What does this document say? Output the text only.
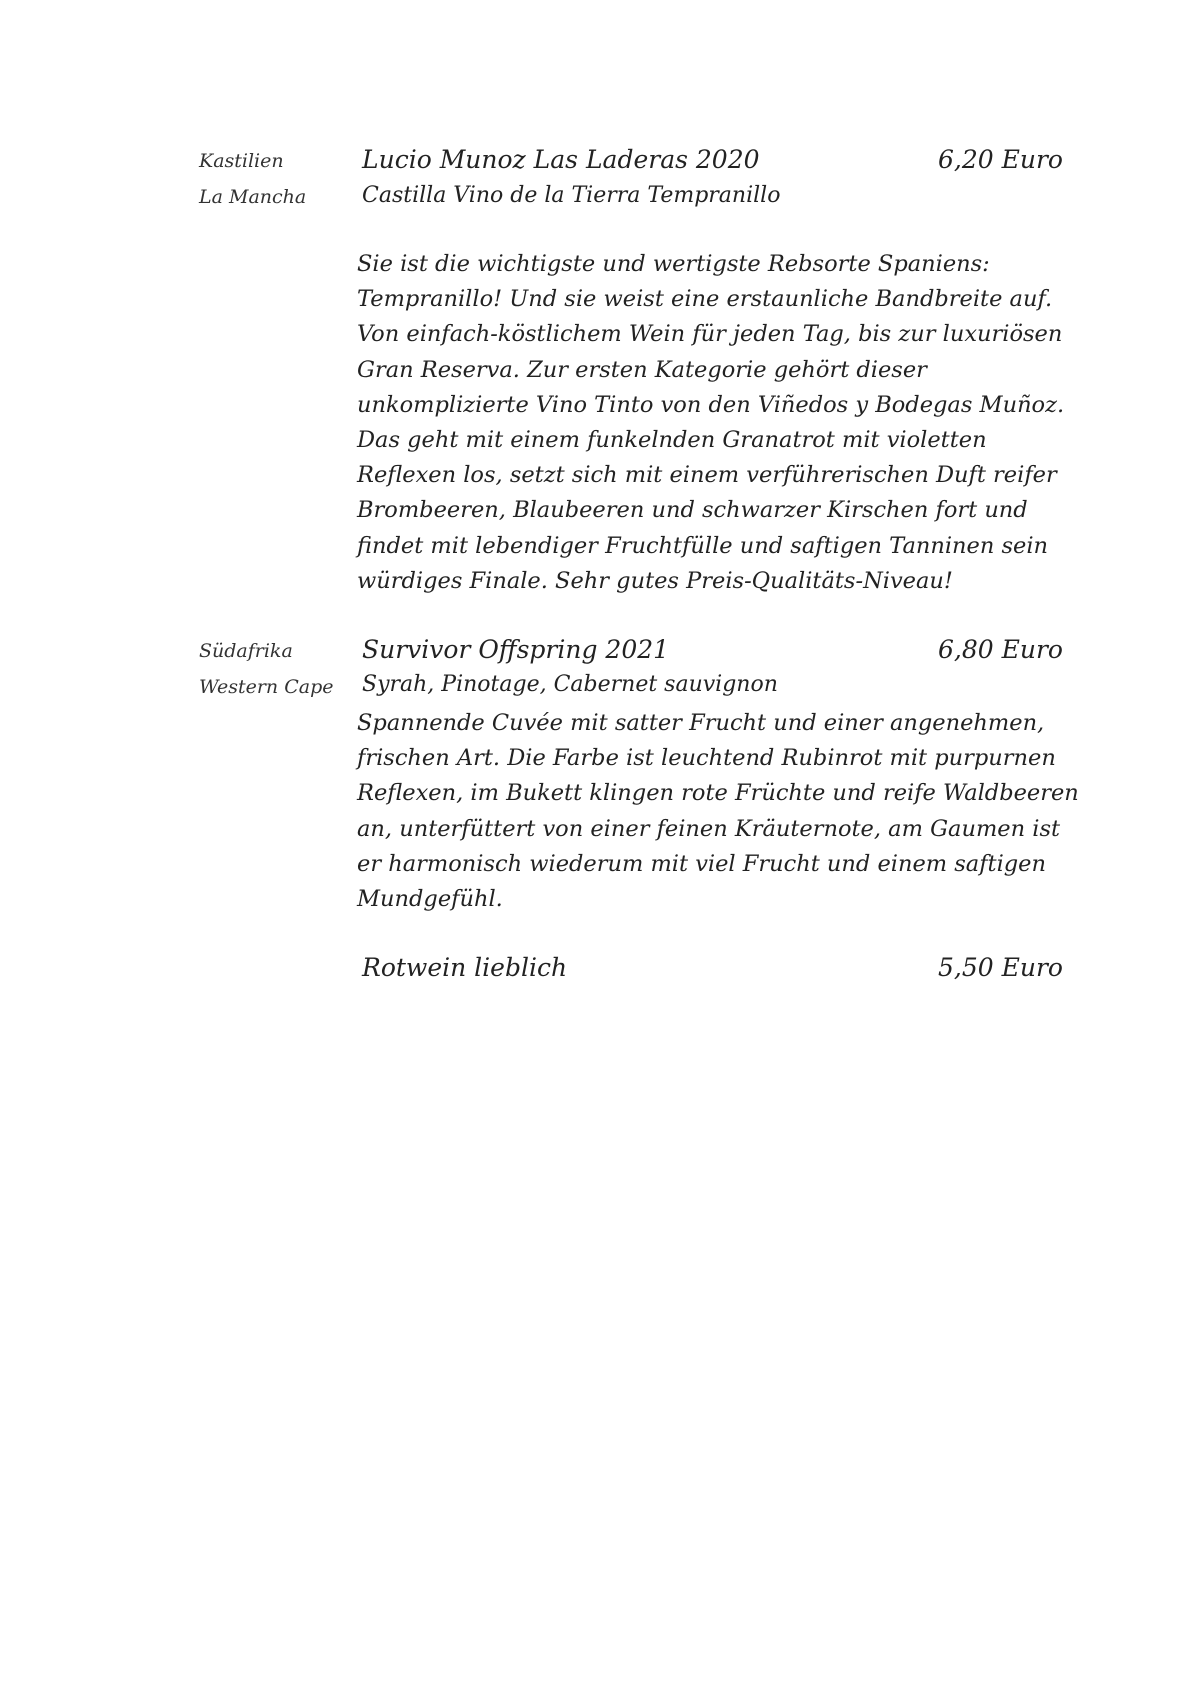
Kastilien
La Mancha
Lucio Munoz Las Laderas 2020	6,20 Euro
Castilla Vino de la Tierra Tempranillo
Sie ist die wichtigste und wertigste Rebsorte Spaniens:
Tempranillo! Und sie weist eine erstaunliche Bandbreite auf.
Von einfach-köstlichem Wein für jeden Tag, bis zur luxuriösen
Gran Reserva. Zur ersten Kategorie gehört dieser
unkomplizierte Vino Tinto von den Viñedos y Bodegas Muñoz.
Das geht mit einem funkelnden Granatrot mit violetten
Reflexen los, setzt sich mit einem verführerischen Duft reifer
Brombeeren, Blaubeeren und schwarzer Kirschen fort und
findet mit lebendiger Fruchtfülle und saftigen Tanninen sein
würdiges Finale. Sehr gutes Preis-Qualitäts-Niveau!
Südafrika
Western Cape
Survivor Offspring 2021	6,80 Euro
Syrah, Pinotage, Cabernet sauvignon
Spannende Cuvée mit satter Frucht und einer angenehmen,
frischen Art. Die Farbe ist leuchtend Rubinrot mit purpurnen
Reflexen, im Bukett klingen rote Früchte und reife Waldbeeren
an, unterfüttert von einer feinen Kräuternote, am Gaumen ist
er harmonisch wiederum mit viel Frucht und einem saftigen
Mundgefühl.
Rotwein lieblich	5,50 Euro
